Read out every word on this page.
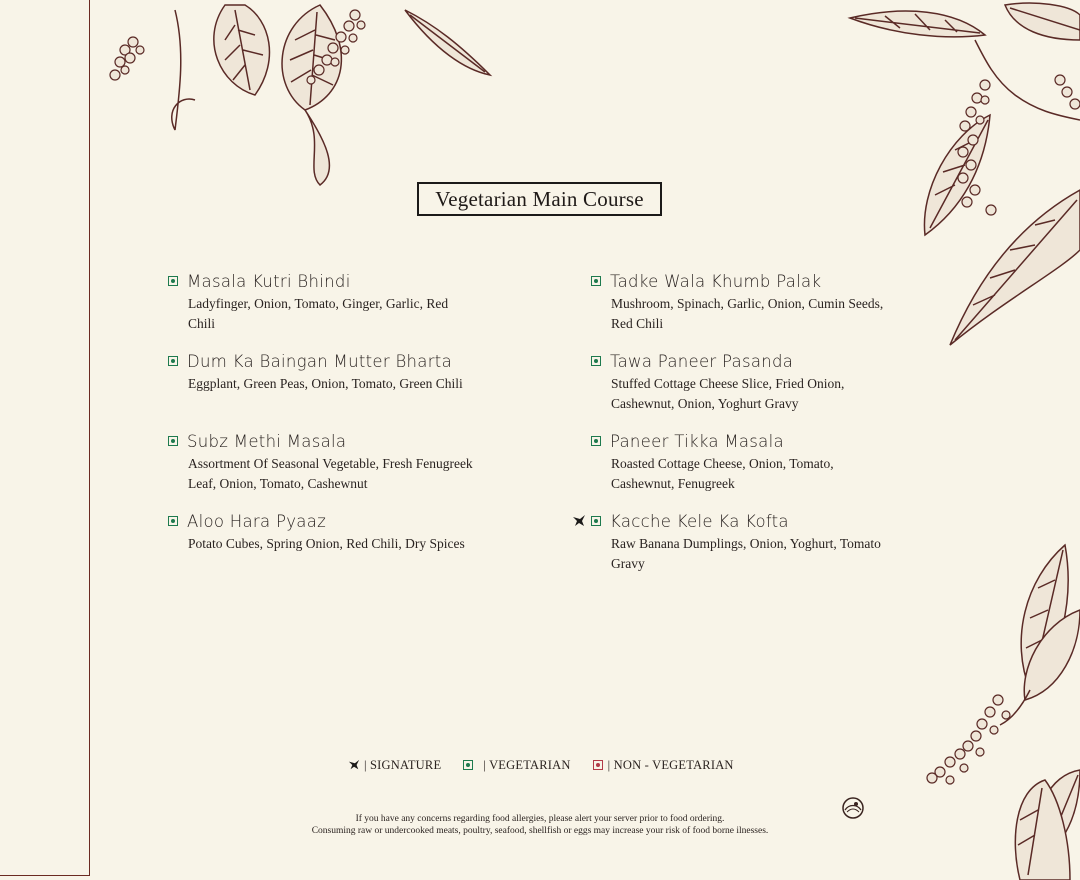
Vegetarian Main Course
Masala Kutri Bhindi
Ladyfinger, Onion, Tomato, Ginger, Garlic, Red Chili
Dum Ka Baingan Mutter Bharta
Eggplant, Green Peas, Onion, Tomato, Green Chili
Subz Methi Masala
Assortment Of Seasonal Vegetable, Fresh Fenugreek Leaf, Onion, Tomato, Cashewnut
Aloo Hara Pyaaz
Potato Cubes, Spring Onion, Red Chili, Dry Spices
Tadke Wala Khumb Palak
Mushroom, Spinach, Garlic, Onion, Cumin Seeds, Red Chili
Tawa Paneer Pasanda
Stuffed Cottage Cheese Slice, Fried Onion, Cashewnut, Onion, Yoghurt Gravy
Paneer Tikka Masala
Roasted Cottage Cheese, Onion, Tomato, Cashewnut, Fenugreek
Kacche Kele Ka Kofta
Raw Banana Dumplings, Onion, Yoghurt, Tomato Gravy
| SIGNATURE	| VEGETARIAN	| NON - VEGETARIAN
If you have any concerns regarding food allergies, please alert your server prior to food ordering.
Consuming raw or undercooked meats, poultry, seafood, shellfish or eggs may increase your risk of food borne ilnesses.
